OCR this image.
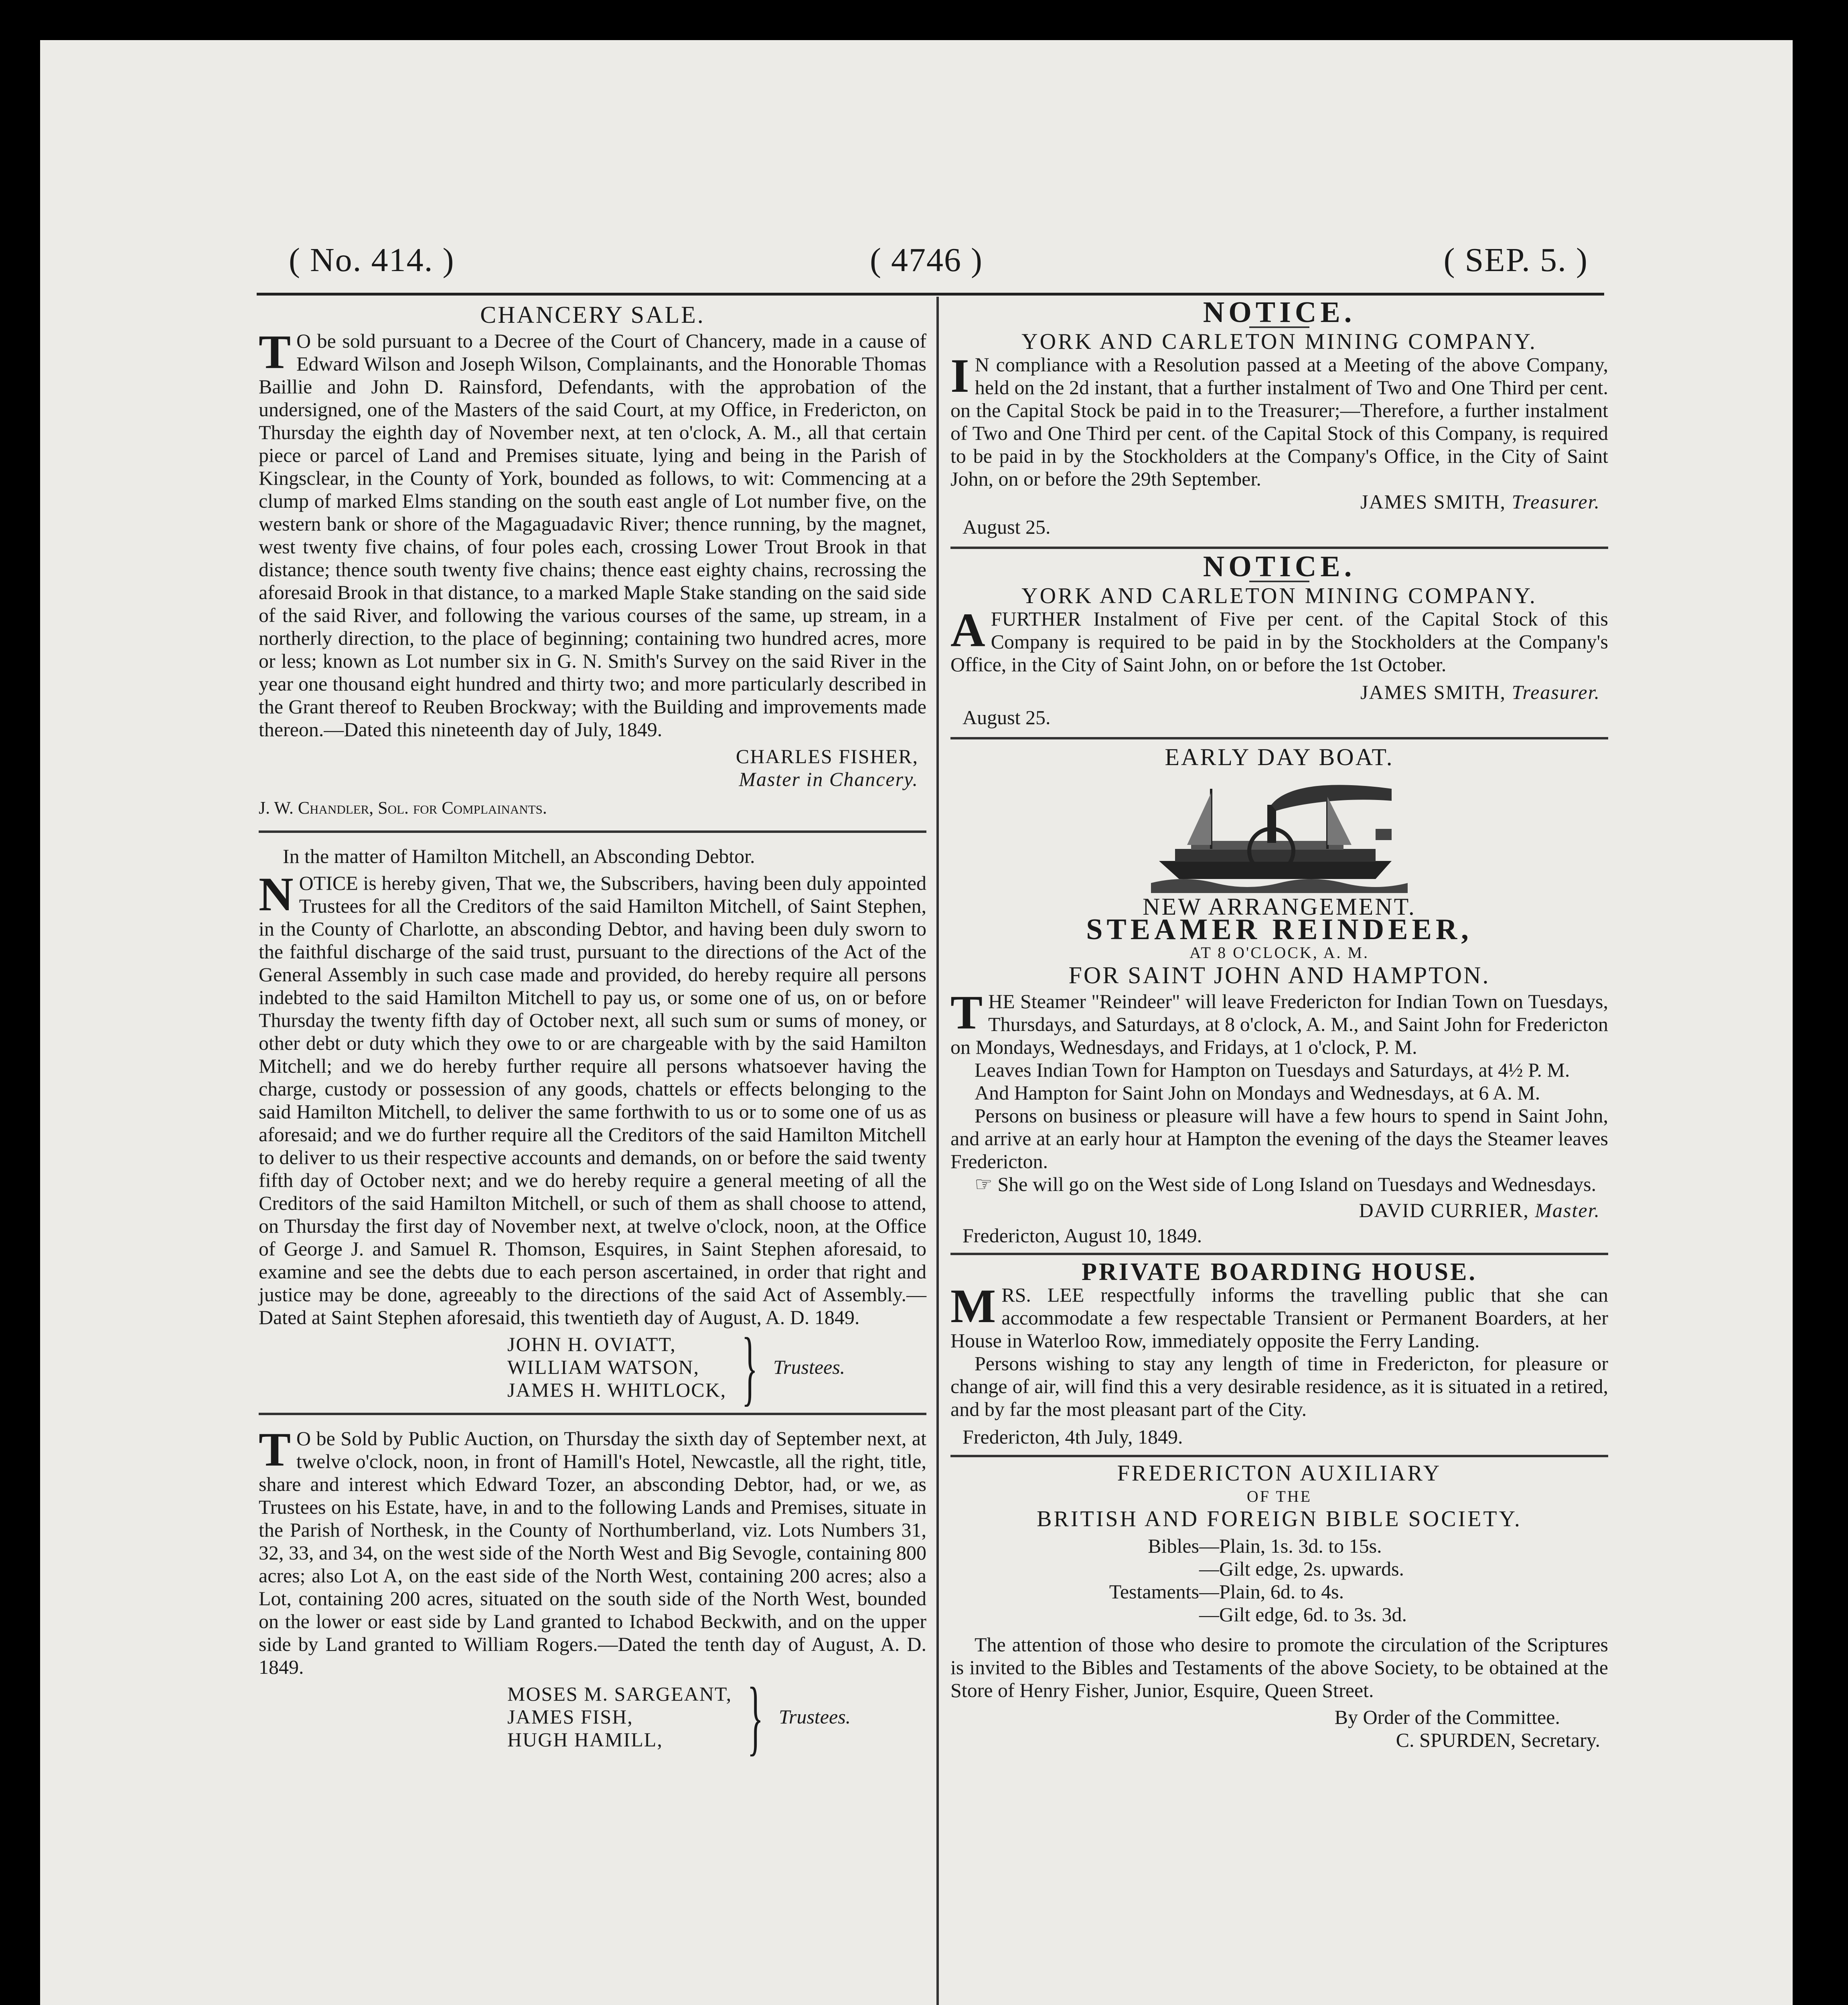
( No. 414. )	( 4746 )	( SEP. 5. )

CHANCERY SALE.

T O be sold pursuant to a Decree of the Court of Chancery, made in a cause of Edward Wilson and Joseph Wilson, Complainants, and the Honorable Thomas Baillie and John D. Rainsford, Defendants, with the approbation of the undersigned, one of the Masters of the said Court, at my Office, in Fredericton, on Thursday the eighth day of November next, at ten o'clock, A. M., all that certain piece or parcel of Land and Premises situate, lying and being in the Parish of Kingsclear, in the County of York, bounded as follows, to wit: Commencing at a clump of marked Elms standing on the south east angle of Lot number five, on the western bank or shore of the Magaguadavic River; thence running, by the magnet, west twenty five chains, of four poles each, crossing Lower Trout Brook in that distance; thence south twenty five chains; thence east eighty chains, recrossing the aforesaid Brook in that distance, to a marked Maple Stake standing on the said side of the said River, and following the various courses of the same, up stream, in a northerly direction, to the place of beginning; containing two hundred acres, more or less; known as Lot number six in G. N. Smith's Survey on the said River in the year one thousand eight hundred and thirty two; and more particularly described in the Grant thereof to Reuben Brockway; with the Building and improvements made thereon.—Dated this nineteenth day of July, 1849.

CHARLES FISHER,

Master in Chancery.

J. W. Chandler, Sol. for Complainants.

In the matter of Hamilton Mitchell, an Absconding Debtor.

NOTICE is hereby given, That we, the Subscribers, having been duly appointed Trustees for all the Creditors of the said Hamilton Mitchell, of Saint Stephen, in the County of Charlotte, an absconding Debtor, and having been duly sworn to the faithful discharge of the said trust, pursuant to the directions of the Act of the General Assembly in such case made and provided, do hereby require all persons indebted to the said Hamilton Mitchell to pay us, or some one of us, on or before Thursday the twenty fifth day of October next, all such sum or sums of money, or other debt or duty which they owe to or are chargeable with by the said Hamilton Mitchell; and we do hereby further require all persons whatsoever having the charge, custody or possession of any goods, chattels or effects belonging to the said Hamilton Mitchell, to deliver the same forthwith to us or to some one of us as aforesaid; and we do further require all the Creditors of the said Hamilton Mitchell to deliver to us their respective accounts and demands, on or before the said twenty fifth day of October next; and we do hereby require a general meeting of all the Creditors of the said Hamilton Mitchell, or such of them as shall choose to attend, on Thursday the first day of November next, at twelve o'clock, noon, at the Office of George J. and Samuel R. Thomson, Esquires, in Saint Stephen aforesaid, to examine and see the debts due to each person ascertained, in order that right and justice may be done, agreeably to the directions of the said Act of Assembly.—Dated at Saint Stephen aforesaid, this twentieth day of August, A. D. 1849.

JOHN H. OVIATT,
WILLIAM WATSON,
JAMES H. WHITLOCK, } Trustees.

T O be Sold by Public Auction, on Thursday the sixth day of September next, at twelve o'clock, noon, in front of Hamill's Hotel, Newcastle, all the right, title, share and interest which Edward Tozer, an absconding Debtor, had, or we, as Trustees on his Estate, have, in and to the following Lands and Premises, situate in the Parish of Northesk, in the County of Northumberland, viz. Lots Numbers 31, 32, 33, and 34, on the west side of the North West and Big Sevogle, containing 800 acres; also Lot A, on the east side of the North West, containing 200 acres; also a Lot, containing 200 acres, situated on the south side of the North West, bounded on the lower or east side by Land granted to Ichabod Beckwith, and on the upper side by Land granted to William Rogers.—Dated the tenth day of August, A. D. 1849.

MOSES M. SARGEANT,
JAMES FISH,
HUGH HAMILL,	} Trustees.

NOTICE.

YORK AND CARLETON MINING COMPANY.

I N compliance with a Resolution passed at a Meeting of the above Company, held on the 2d instant, that a further instalment of Two and One Third per cent. on the Capital Stock be paid in to the Treasurer;—Therefore, a further instalment of Two and One Third per cent. of the Capital Stock of this Company, is required to be paid in by the Stockholders at the Company's Office, in the City of Saint John, on or before the 29th September.

JAMES SMITH, Treasurer.

August 25.

NOTICE.

YORK AND CARLETON MINING COMPANY.

AFURTHER Instalment of Five per cent. of the Capital Stock of this Company is required to be paid in by the Stockholders at the Company's Office, in the City of Saint John, on or before the 1st October.

JAMES SMITH, Treasurer.

August 25.

EARLY DAY BOAT.

NEW ARRANGEMENT.

STEAMER REINDEER,

AT 8 O'CLOCK, A. M.

FOR SAINT JOHN AND HAMPTON.

THE Steamer "Reindeer" will leave Fredericton for Indian Town on Tuesdays, Thursdays, and Saturdays, at 8 o'clock, A. M., and Saint John for Fredericton on Mondays, Wednesdays, and Fridays, at 1 o'clock, P. M.

Leaves Indian Town for Hampton on Tuesdays and Saturdays, at 4½ P. M.

And Hampton for Saint John on Mondays and Wednesdays, at 6 A. M.

Persons on business or pleasure will have a few hours to spend in Saint John, and arrive at an early hour at Hampton the evening of the days the Steamer leaves Fredericton.

☞ She will go on the West side of Long Island on Tuesdays and Wednesdays.

DAVID CURRIER, Master.

Fredericton, August 10, 1849.

PRIVATE BOARDING HOUSE.

MRS. LEE respectfully informs the travelling public that she can accommodate a few respectable Transient or Permanent Boarders, at her House in Waterloo Row, immediately opposite the Ferry Landing.

Persons wishing to stay any length of time in Fredericton, for pleasure or change of air, will find this a very desirable residence, as it is situated in a retired, and by far the most pleasant part of the City.

Fredericton, 4th July, 1849.

FREDERICTON AUXILIARY

OF THE

BRITISH AND FOREIGN BIBLE SOCIETY.

Bibles— Plain, 1s. 3d. to 15s.
— Gilt edge, 2s. upwards.
Testaments— Plain, 6d. to 4s.
— Gilt edge, 6d. to 3s. 3d.

The attention of those who desire to promote the circulation of the Scriptures is invited to the Bibles and Testaments of the above Society, to be obtained at the Store of Henry Fisher, Junior, Esquire, Queen Street.

By Order of the Committee.

C. SPURDEN, Secretary.
